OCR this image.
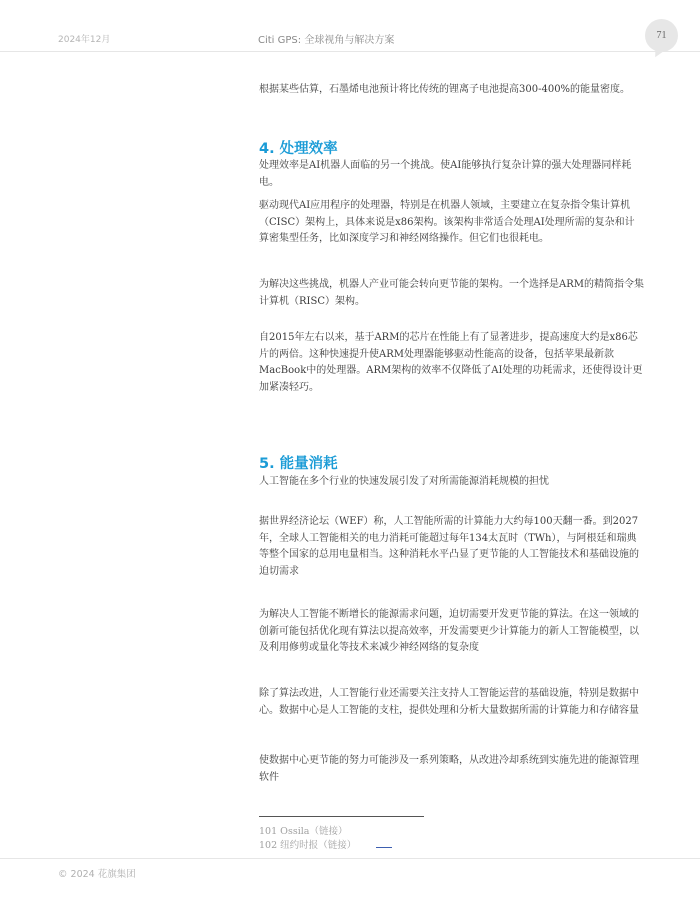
2024年12月	Citi GPS: 全球视角与解决方案	71

根据某些估算，石墨烯电池预计将比传统的锂离子电池提高300-400%的能量密度。

4. 处理效率

处理效率是AI机器人面临的另一个挑战。使AI能够执行复杂计算的强大处理器同样耗电。

驱动现代AI应用程序的处理器，特别是在机器人领域，主要建立在复杂指令集计算机（CISC）架构上，具体来说是x86架构。该架构非常适合处理AI处理所需的复杂和计算密集型任务，比如深度学习和神经网络操作。但它们也很耗电。

为解决这些挑战，机器人产业可能会转向更节能的架构。一个选择是ARM的精简指令集计算机（RISC）架构。

自2015年左右以来，基于ARM的芯片在性能上有了显著进步，提高速度大约是x86芯片的两倍。这种快速提升使ARM处理器能够驱动性能高的设备，包括苹果最新款MacBook中的处理器。ARM架构的效率不仅降低了AI处理的功耗需求，还使得设计更加紧凑轻巧。

5. 能量消耗

人工智能在多个行业的快速发展引发了对所需能源消耗规模的担忧

据世界经济论坛（WEF）称，人工智能所需的计算能力大约每100天翻一番。到2027年，全球人工智能相关的电力消耗可能超过每年134太瓦时（TWh），与阿根廷和瑞典等整个国家的总用电量相当。这种消耗水平凸显了更节能的人工智能技术和基础设施的迫切需求

为解决人工智能不断增长的能源需求问题，迫切需要开发更节能的算法。在这一领域的创新可能包括优化现有算法以提高效率，开发需要更少计算能力的新人工智能模型，以及利用修剪或量化等技术来减少神经网络的复杂度

除了算法改进，人工智能行业还需要关注支持人工智能运营的基础设施，特别是数据中心。数据中心是人工智能的支柱，提供处理和分析大量数据所需的计算能力和存储容量

使数据中心更节能的努力可能涉及一系列策略，从改进冷却系统到实施先进的能源管理软件

101 Ossila（链接）
102 纽约时报（链接）
© 2024 花旗集团
